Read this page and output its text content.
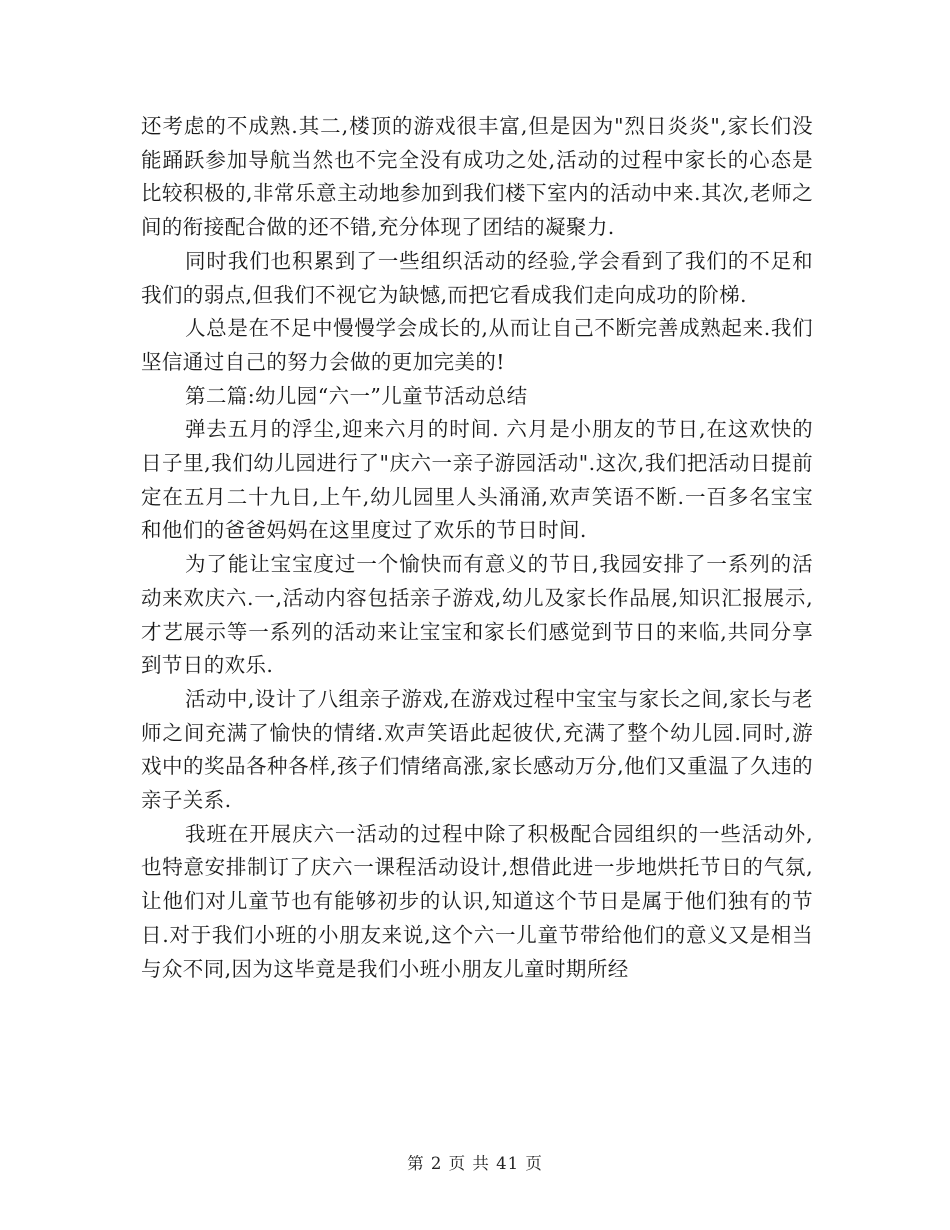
还考虑的不成熟.其二,楼顶的游戏很丰富,但是因为"烈日炎炎",家长们没能踊跃参加导航当然也不完全没有成功之处,活动的过程中家长的心态是比较积极的,非常乐意主动地参加到我们楼下室内的活动中来.其次,老师之间的衔接配合做的还不错,充分体现了团结的凝聚力.

同时我们也积累到了一些组织活动的经验,学会看到了我们的不足和我们的弱点,但我们不视它为缺憾,而把它看成我们走向成功的阶梯.

人总是在不足中慢慢学会成长的,从而让自己不断完善成熟起来.我们坚信通过自己的努力会做的更加完美的!

第二篇:幼儿园“六一”儿童节活动总结

弹去五月的浮尘,迎来六月的时间. 六月是小朋友的节日,在这欢快的日子里,我们幼儿园进行了"庆六一亲子游园活动".这次,我们把活动日提前定在五月二十九日,上午,幼儿园里人头涌涌,欢声笑语不断.一百多名宝宝和他们的爸爸妈妈在这里度过了欢乐的节日时间.

为了能让宝宝度过一个愉快而有意义的节日,我园安排了一系列的活动来欢庆六.一,活动内容包括亲子游戏,幼儿及家长作品展,知识汇报展示,才艺展示等一系列的活动来让宝宝和家长们感觉到节日的来临,共同分享到节日的欢乐.

活动中,设计了八组亲子游戏,在游戏过程中宝宝与家长之间,家长与老师之间充满了愉快的情绪.欢声笑语此起彼伏,充满了整个幼儿园.同时,游戏中的奖品各种各样,孩子们情绪高涨,家长感动万分,他们又重温了久违的亲子关系.

我班在开展庆六一活动的过程中除了积极配合园组织的一些活动外,也特意安排制订了庆六一课程活动设计,想借此进一步地烘托节日的气氛,让他们对儿童节也有能够初步的认识,知道这个节日是属于他们独有的节日.对于我们小班的小朋友来说,这个六一儿童节带给他们的意义又是相当与众不同,因为这毕竟是我们小班小朋友儿童时期所经

第 2 页 共 41 页
